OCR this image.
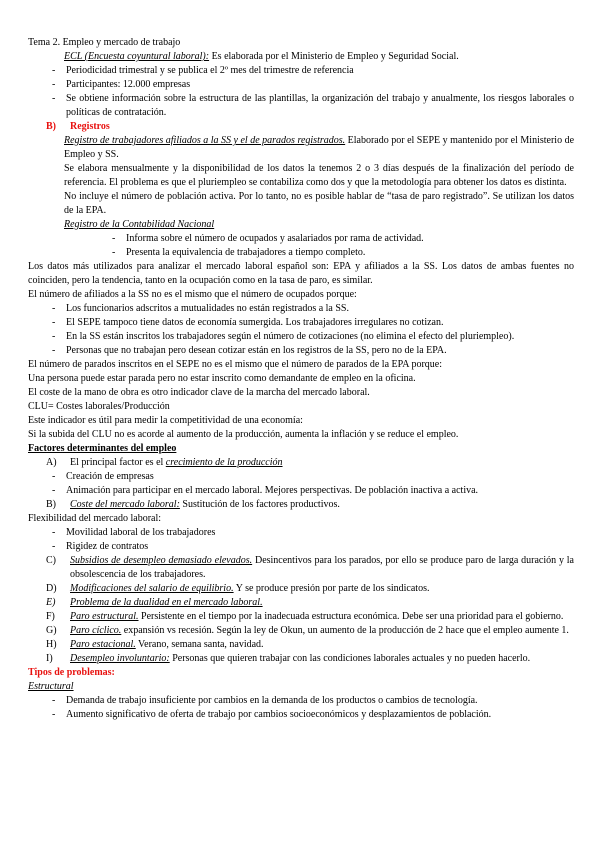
Tema 2. Empleo y mercado de trabajo

ECL (Encuesta coyuntural laboral): Es elaborada por el Ministerio de Empleo y Seguridad Social.

-	Periodicidad trimestral y se publica el 2º mes del trimestre de referencia
-	Participantes: 12.000 empresas
-	Se obtiene información sobre la estructura de las plantillas, la organización del trabajo y anualmente, los riesgos laborales o políticas de contratación.
B)	Registros

Registro de trabajadores afiliados a la SS y el de parados registrados. Elaborado por el SEPE y mantenido por el Ministerio de Empleo y SS.

Se elabora mensualmente y la disponibilidad de los datos la tenemos 2 o 3 días después de la finalización del período de referencia. El problema es que el pluriempleo se contabiliza como dos y que la metodología para obtener los datos es distinta.

No incluye el número de población activa. Por lo tanto, no es posible hablar de “tasa de paro registrado”. Se utilizan los datos de la EPA.

Registro de la Contabilidad Nacional

-	Informa sobre el número de ocupados y asalariados por rama de actividad.
-	Presenta la equivalencia de trabajadores a tiempo completo.

Los datos más utilizados para analizar el mercado laboral español son: EPA y afiliados a la SS. Los datos de ambas fuentes no coinciden, pero la tendencia, tanto en la ocupación como en la tasa de paro, es similar.

El número de afiliados a la SS no es el mismo que el número de ocupados porque:

-	Los funcionarios adscritos a mutualidades no están registrados a la SS.
-	El SEPE tampoco tiene datos de economía sumergida. Los trabajadores irregulares no cotizan.
-	En la SS están inscritos los trabajadores según el número de cotizaciones (no elimina el efecto del pluriempleo).
-	Personas que no trabajan pero desean cotizar están en los registros de la SS, pero no de la EPA.

El número de parados inscritos en el SEPE no es el mismo que el número de parados de la EPA porque:

Una persona puede estar parada pero no estar inscrito como demandante de empleo en la oficina.

El coste de la mano de obra es otro indicador clave de la marcha del mercado laboral.

CLU= Costes laborales/Producción

Este indicador es útil para medir la competitividad de una economía:

Si la subida del CLU no es acorde al aumento de la producción, aumenta la inflación y se reduce el empleo.

Factores determinantes del empleo

A)	El principal factor es el crecimiento de la producción
-	Creación de empresas
-	Animación para participar en el mercado laboral. Mejores perspectivas. De población inactiva a activa.
B)	Coste del mercado laboral: Sustitución de los factores productivos.

Flexibilidad del mercado laboral:

-	Movilidad laboral de los trabajadores
-	Rigidez de contratos
C)	Subsidios de desempleo demasiado elevados. Desincentivos para los parados, por ello se produce paro de larga duración y la obsolescencia de los trabajadores.
D)	Modificaciones del salario de equilibrio. Y se produce presión por parte de los sindicatos.
E)	Problema de la dualidad en el mercado laboral.
F)	Paro estructural. Persistente en el tiempo por la inadecuada estructura económica. Debe ser una prioridad para el gobierno.
G)	Paro cíclico. expansión vs recesión. Según la ley de Okun, un aumento de la producción de 2 hace que el empleo aumente 1.
H)	Paro estacional. Verano, semana santa, navidad.
I)	Desempleo involuntario: Personas que quieren trabajar con las condiciones laborales actuales y no pueden hacerlo.

Tipos de problemas:

Estructural

-	Demanda de trabajo insuficiente por cambios en la demanda de los productos o cambios de tecnología.
-	Aumento significativo de oferta de trabajo por cambios socioeconómicos y desplazamientos de población.
